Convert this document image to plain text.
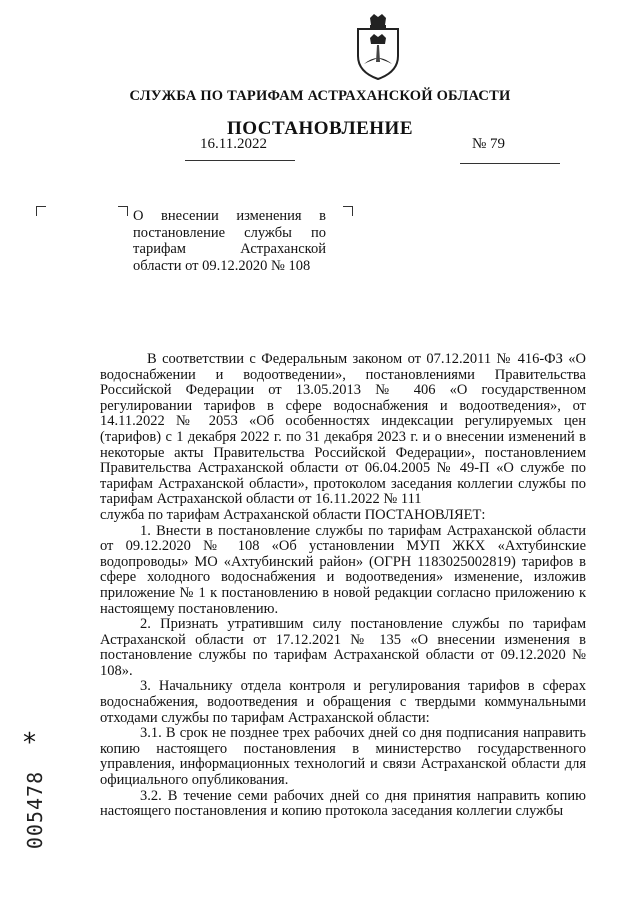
СЛУЖБА ПО ТАРИФАМ АСТРАХАНСКОЙ ОБЛАСТИ
ПОСТАНОВЛЕНИЕ
16.11.2022	№ 79
О внесении изменения в постановление службы по тарифам Астраханской области от 09.12.2020 № 108

В соответствии с Федеральным законом от 07.12.2011 № 416-ФЗ «О водоснабжении и водоотведении», постановлениями Правительства Российской Федерации от 13.05.2013 № 406 «О государственном регулировании тарифов в сфере водоснабжения и водоотведения», от 14.11.2022 № 2053 «Об особенностях индексации регулируемых цен (тарифов) с 1 декабря 2022 г. по 31 декабря 2023 г. и о внесении изменений в некоторые акты Правительства Российской Федерации», постановлением Правительства Астраханской области от 06.04.2005 № 49-П «О службе по тарифам Астраханской области», протоколом заседания коллегии службы по тарифам Астраханской области от 16.11.2022 № 111

служба по тарифам Астраханской области ПОСТАНОВЛЯЕТ:

1. Внести в постановление службы по тарифам Астраханской области от 09.12.2020 № 108 «Об установлении МУП ЖКХ «Ахтубинские водопроводы» МО «Ахтубинский район» (ОГРН 1183025002819) тарифов в сфере холодного водоснабжения и водоотведения» изменение, изложив приложение № 1 к постановлению в новой редакции согласно приложению к настоящему постановлению.

2. Признать утратившим силу постановление службы по тарифам Астраханской области от 17.12.2021 № 135 «О внесении изменения в постановление службы по тарифам Астраханской области от 09.12.2020 № 108».

3. Начальнику отдела контроля и регулирования тарифов в сферах водоснабжения, водоотведения и обращения с твердыми коммунальными отходами службы по тарифам Астраханской области:

3.1. В срок не позднее трех рабочих дней со дня подписания направить копию настоящего постановления в министерство государственного управления, информационных технологий и связи Астраханской области для официального опубликования.

3.2. В течение семи рабочих дней со дня принятия направить копию настоящего постановления и копию протокола заседания коллегии службы

*
005478
